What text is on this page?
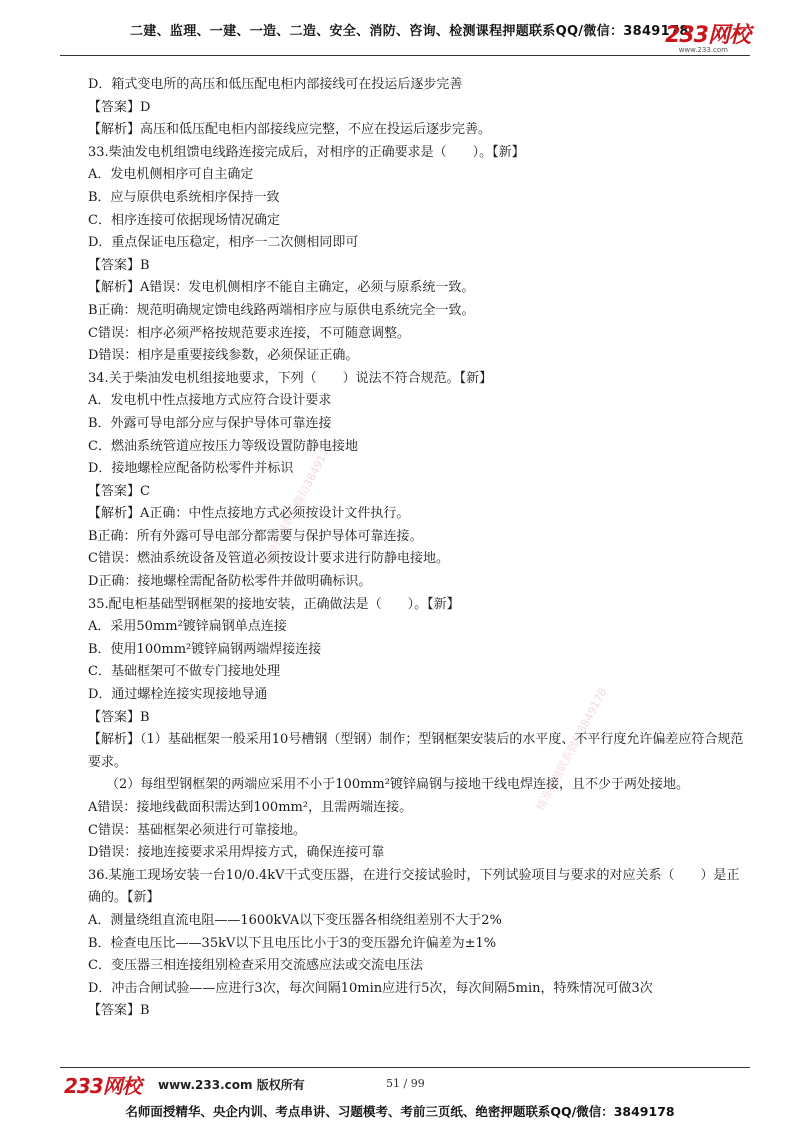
二建、监理、一建、一造、二造、安全、消防、咨询、检测课程押题联系QQ/微信：3849178
233网校
www.233.com
D．箱式变电所的高压和低压配电柜内部接线可在投运后逐步完善
【答案】D
【解析】高压和低压配电柜内部接线应完整，不应在投运后逐步完善。
33.柴油发电机组馈电线路连接完成后，对相序的正确要求是（　　）。【新】
A．发电机侧相序可自主确定
B．应与原供电系统相序保持一致
C．相序连接可依据现场情况确定
D．重点保证电压稳定，相序一二次侧相同即可
【答案】B
【解析】A错误：发电机侧相序不能自主确定，必须与原系统一致。
B正确：规范明确规定馈电线路两端相序应与原供电系统完全一致。
C错误：相序必须严格按规范要求连接，不可随意调整。
D错误：相序是重要接线参数，必须保证正确。
34.关于柴油发电机组接地要求，下列（　　）说法不符合规范。【新】
A．发电机中性点接地方式应符合设计要求
B．外露可导电部分应与保护导体可靠连接
C．燃油系统管道应按压力等级设置防静电接地
D．接地螺栓应配备防松零件并标识
【答案】C
【解析】A正确：中性点接地方式必须按设计文件执行。
B正确：所有外露可导电部分都需要与保护导体可靠连接。
C错误：燃油系统设备及管道必须按设计要求进行防静电接地。
D正确：接地螺栓需配备防松零件并做明确标识。
35.配电柜基础型钢框架的接地安装，正确做法是（　　）。【新】
A．采用50mm²镀锌扁钢单点连接
B．使用100mm²镀锌扁钢两端焊接连接
C．基础框架可不做专门接地处理
D．通过螺栓连接实现接地导通
【答案】B
【解析】（1）基础框架一般采用10号槽钢（型钢）制作；型钢框架安装后的水平度、不平行度允许偏差应符合规范要求。
（2）每组型钢框架的两端应采用不小于100mm²镀锌扁钢与接地干线电焊连接，且不少于两处接地。
A错误：接地线截面积需达到100mm²，且需两端连接。
C错误：基础框架必须进行可靠接地。
D错误：接地连接要求采用焊接方式，确保连接可靠
36.某施工现场安装一台10/0.4kV干式变压器，在进行交接试验时，下列试验项目与要求的对应关系（　　）是正确的。【新】
A．测量绕组直流电阻——1600kVA以下变压器各相绕组差别不大于2%
B．检查电压比——35kV以下且电压比小于3的变压器允许偏差为±1%
C．变压器三相连接组别检查采用交流感应法或交流电压法
D．冲击合闸试验——应进行3次，每次间隔10min应进行5次，每次间隔5min，特殊情况可做3次
【答案】B
精准押题联系微信3849178
精准押题联系微信3849178
233网校 www.233.com 版权所有	51 / 99
名师面授精华、央企内训、考点串讲、习题模考、考前三页纸、绝密押题联系QQ/微信：3849178
